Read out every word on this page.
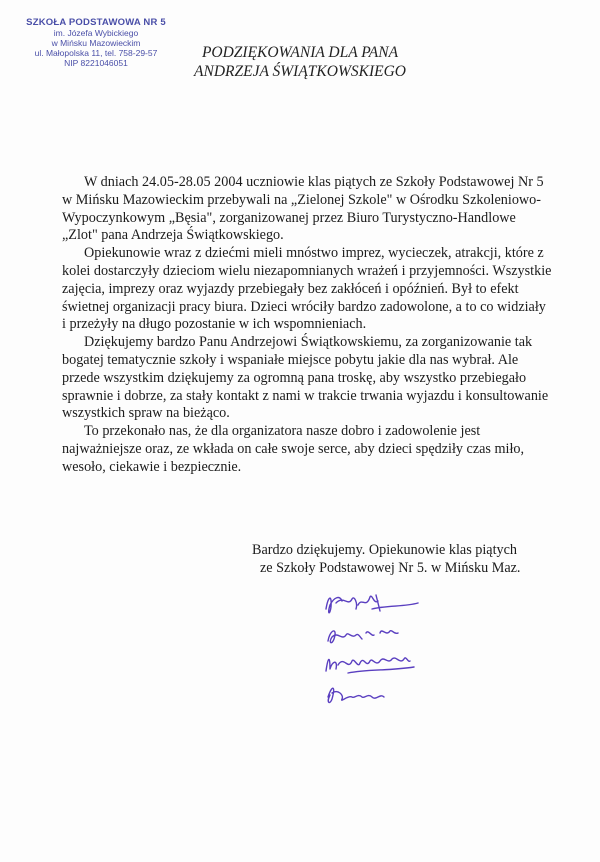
SZKOŁA PODSTAWOWA NR 5
im. Józefa Wybickiego
w Mińsku Mazowieckim
ul. Małopolska 11, tel. 758-29-57
NIP 8221046051
PODZIĘKOWANIA DLA PANA
ANDRZEJA ŚWIĄTKOWSKIEGO

W dniach 24.05-28.05 2004 uczniowie klas piątych ze Szkoły Podstawowej Nr 5 w Mińsku Mazowieckim przebywali na „Zielonej Szkole" w Ośrodku Szkoleniowo-Wypoczynkowym „Bęsia", zorganizowanej przez Biuro Turystyczno-Handlowe „Zlot" pana Andrzeja Świątkowskiego.

Opiekunowie wraz z dziećmi mieli mnóstwo imprez, wycieczek, atrakcji, które z kolei dostarczyły dzieciom wielu niezapomnianych wrażeń i przyjemności. Wszystkie zajęcia, imprezy oraz wyjazdy przebiegały bez zakłóceń i opóźnień. Był to efekt świetnej organizacji pracy biura. Dzieci wróciły bardzo zadowolone, a to co widziały i przeżyły na długo pozostanie w ich wspomnieniach.

Dziękujemy bardzo Panu Andrzejowi Świątkowskiemu, za zorganizowanie tak bogatej tematycznie szkoły i wspaniałe miejsce pobytu jakie dla nas wybrał. Ale przede wszystkim dziękujemy za ogromną pana troskę, aby wszystko przebiegało sprawnie i dobrze, za stały kontakt z nami w trakcie trwania wyjazdu i konsultowanie wszystkich spraw na bieżąco.

To przekonało nas, że dla organizatora nasze dobro i zadowolenie jest najważniejsze oraz, ze wkłada on całe swoje serce, aby dzieci spędziły czas miło, wesoło, ciekawie i bezpiecznie.

Bardzo dziękujemy. Opiekunowie klas piątych
ze Szkoły Podstawowej Nr 5. w Mińsku Maz.
